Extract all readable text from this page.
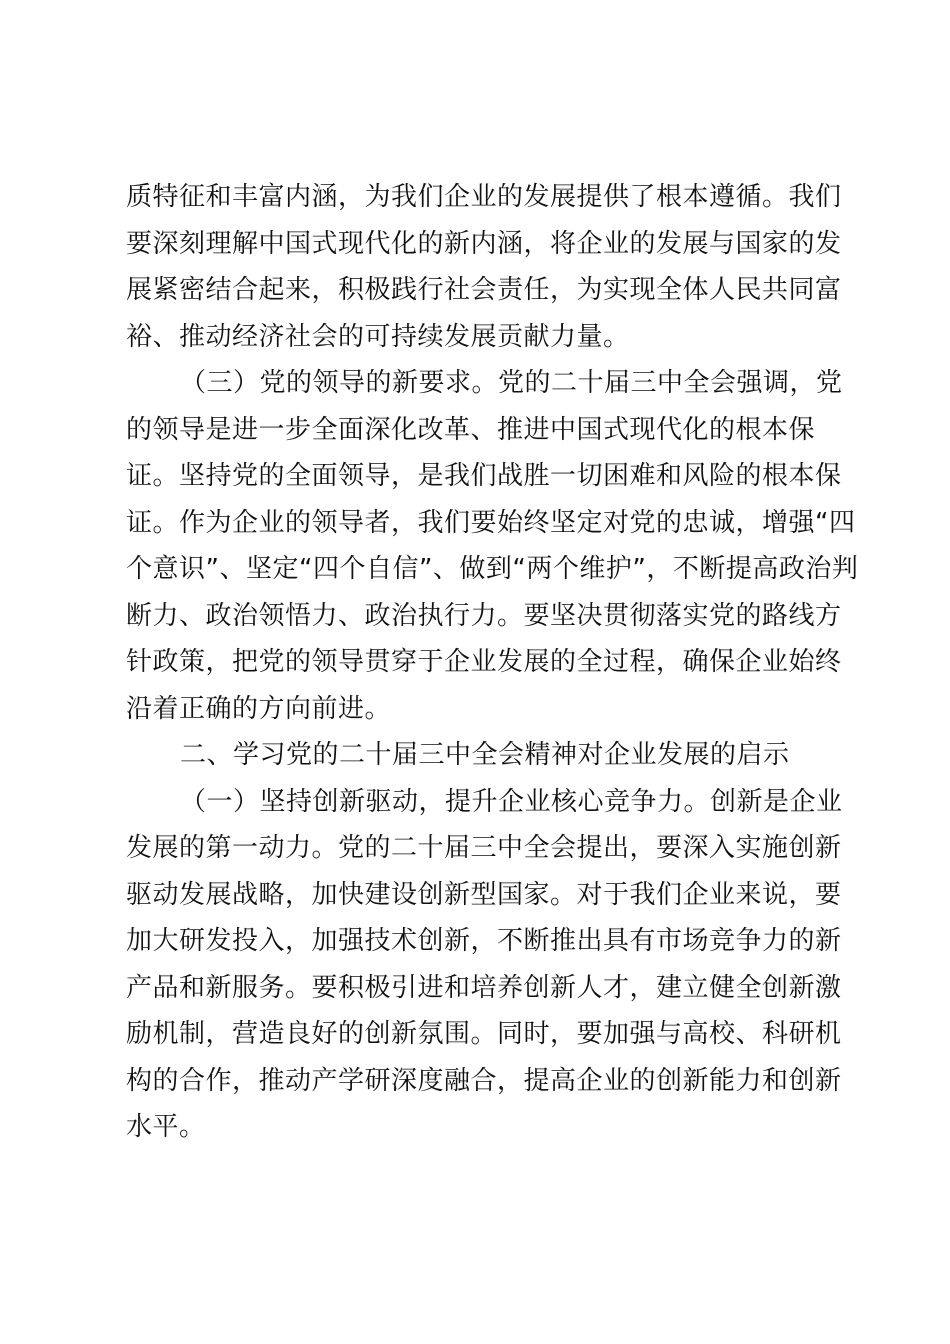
质特征和丰富内涵，为我们企业的发展提供了根本遵循。我们
要深刻理解中国式现代化的新内涵，将企业的发展与国家的发
展紧密结合起来，积极践行社会责任，为实现全体人民共同富
裕、推动经济社会的可持续发展贡献力量。
（三）党的领导的新要求。党的二十届三中全会强调，党
的领导是进一步全面深化改革、推进中国式现代化的根本保
证。坚持党的全面领导，是我们战胜一切困难和风险的根本保
证。作为企业的领导者，我们要始终坚定对党的忠诚，增强“四
个意识”、坚定“四个自信”、做到“两个维护”，不断提高政治判
断力、政治领悟力、政治执行力。要坚决贯彻落实党的路线方
针政策，把党的领导贯穿于企业发展的全过程，确保企业始终
沿着正确的方向前进。
二、学习党的二十届三中全会精神对企业发展的启示
（一）坚持创新驱动，提升企业核心竞争力。创新是企业
发展的第一动力。党的二十届三中全会提出，要深入实施创新
驱动发展战略，加快建设创新型国家。对于我们企业来说，要
加大研发投入，加强技术创新，不断推出具有市场竞争力的新
产品和新服务。要积极引进和培养创新人才，建立健全创新激
励机制，营造良好的创新氛围。同时，要加强与高校、科研机
构的合作，推动产学研深度融合，提高企业的创新能力和创新
水平。
